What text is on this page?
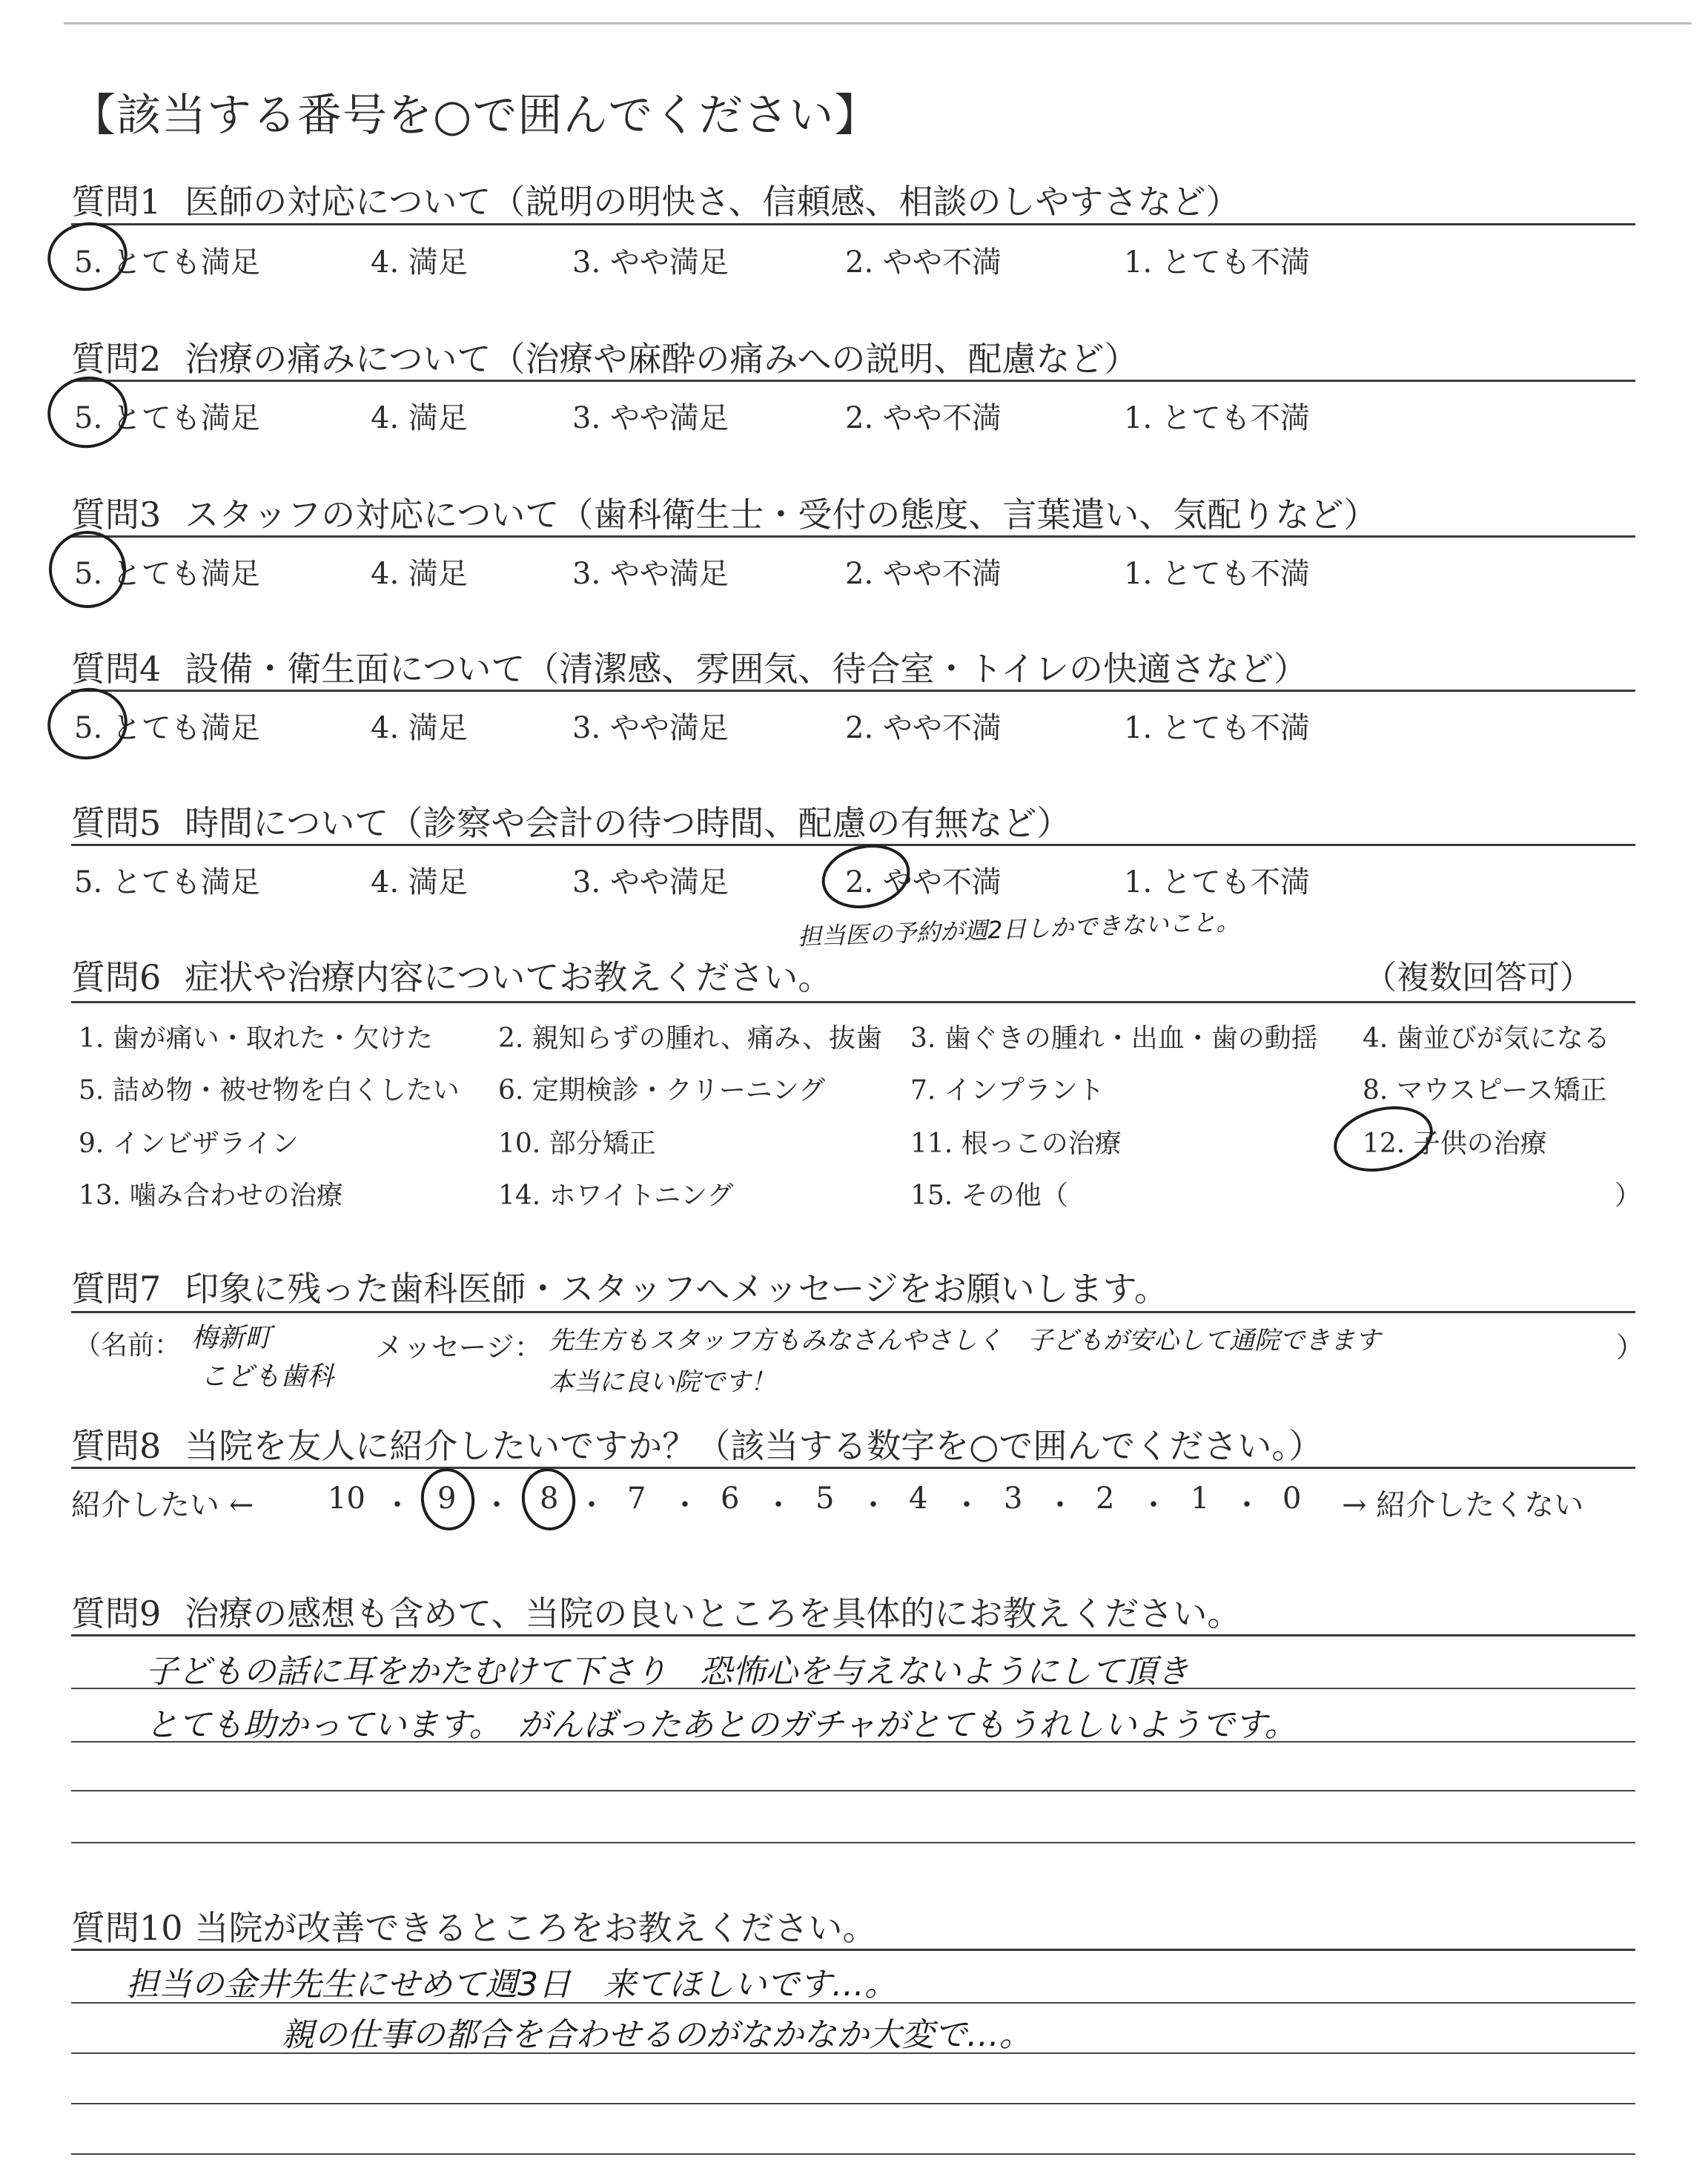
【該当する番号を○で囲んでください】
質問1 医師の対応について（説明の明快さ、信頼感、相談のしやすさなど）
5. とても満足	4. 満足	3. やや満足	2. やや不満	1. とても不満
質問2 治療の痛みについて（治療や麻酔の痛みへの説明、配慮など）
5. とても満足	4. 満足	3. やや満足	2. やや不満	1. とても不満
質問3 スタッフの対応について（歯科衛生士・受付の態度、言葉遣い、気配りなど）
5. とても満足	4. 満足	3. やや満足	2. やや不満	1. とても不満
質問4 設備・衛生面について（清潔感、雰囲気、待合室・トイレの快適さなど）
5. とても満足	4. 満足	3. やや満足	2. やや不満	1. とても不満
質問5 時間について（診察や会計の待つ時間、配慮の有無など）
5. とても満足	4. 満足	3. やや満足	2. やや不満	1. とても不満
担当医の予約が週2日しかできないこと。
質問6 症状や治療内容についてお教えください。	（複数回答可）
1. 歯が痛い・取れた・欠けた 2. 親知らずの腫れ、痛み、抜歯 3. 歯ぐきの腫れ・出血・歯の動揺 4. 歯並びが気になる
5. 詰め物・被せ物を白くしたい 6. 定期検診・クリーニング	7. インプラント	8. マウスピース矯正
9. インビザライン	10. 部分矯正	11. 根っこの治療	12. 子供の治療
13. 噛み合わせの治療	14. ホワイトニング	15. その他（	）
質問7 印象に残った歯科医師・スタッフへメッセージをお願いします。
（名前： 梅新町
こども歯科
メッセージ： 先生方もスタッフ方もみなさんやさしく　子どもが安心して通院できます
本当に良い院です！
）
質問8 当院を友人に紹介したいですか？（該当する数字を○で囲んでください。）
紹介したい ← 10 9	8 7	6	5	4	3 2	1 0 → 紹介したくない
・ ・ ・ ・ ・ ・ ・ ・ ・ ・
質問9 治療の感想も含めて、当院の良いところを具体的にお教えください。
子どもの話に耳をかたむけて下さり　恐怖心を与えないようにして頂き
とても助かっています。　がんばったあとのガチャがとてもうれしいようです。
質問10 当院が改善できるところをお教えください。
担当の金井先生にせめて週3日　来てほしいです…。
親の仕事の都合を合わせるのがなかなか大変で…。
